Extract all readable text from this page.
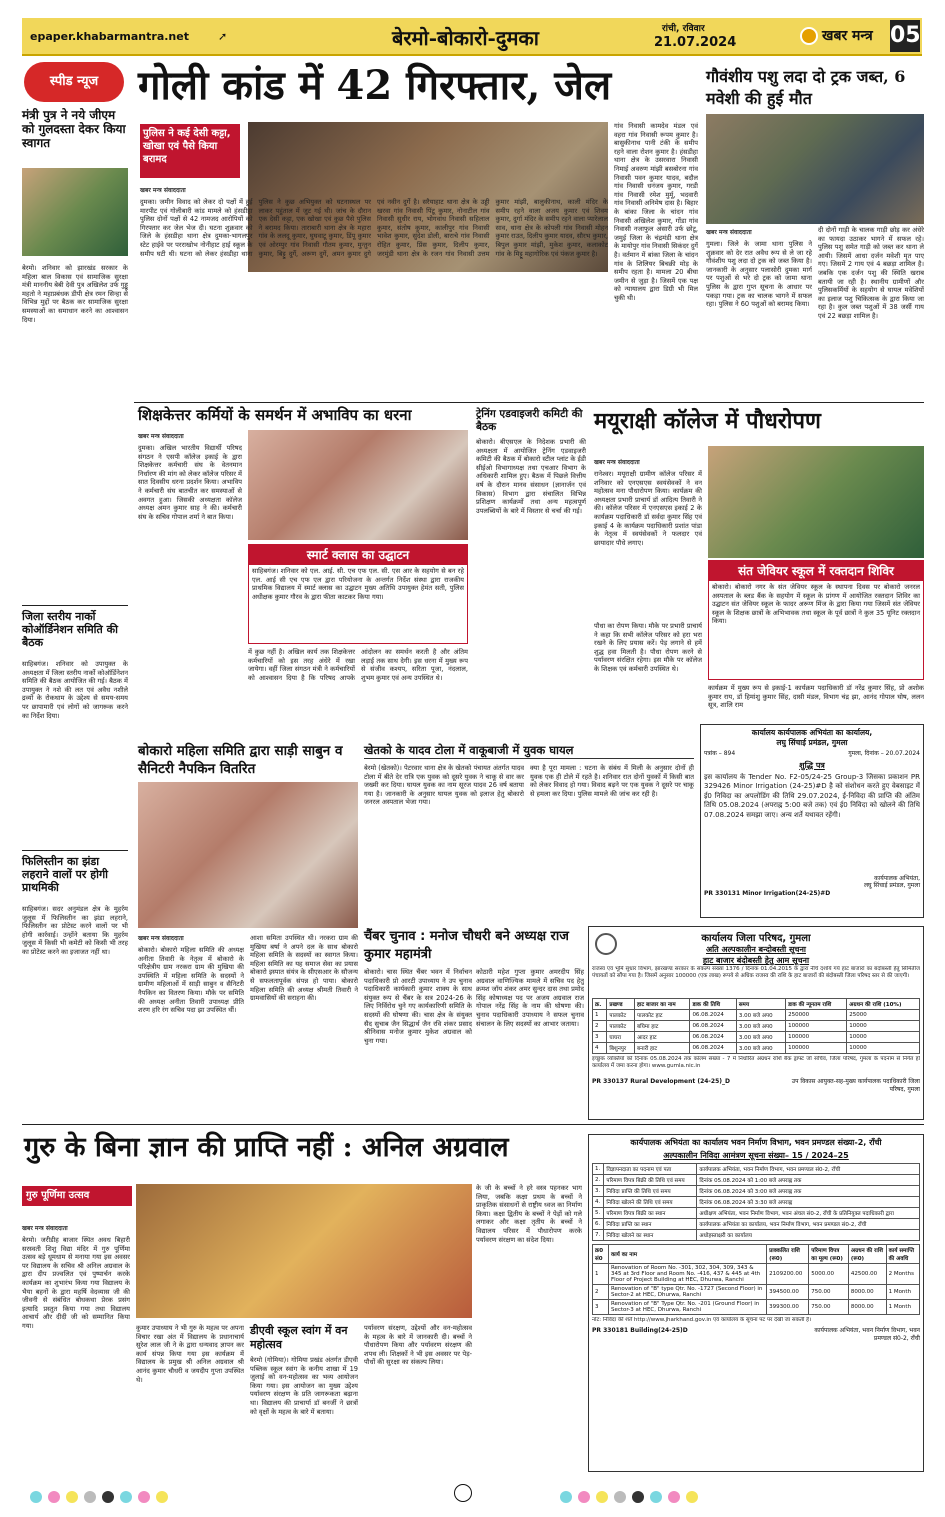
epaper.khabarmantra.net	➚	बेरमो-बोकारो-दुमका	रांची, रविवार
21.07.2024	खबर मन्त्र 05
स्पीड न्यूज
मंत्री पुत्र ने नये जीएम को गुलदस्ता देकर किया स्वागत
बेरमो। शनिवार को झारखंड सरकार के महिला बाल विकास एवं सामाजिक सुरक्षा मंत्री माननीय बेबी देवी पुत्र अखिलेश उर्फ गुड्डू महतो ने महाप्रबंधक डीपी क्षेत्र रमन सिन्हा से विभिन्न मुद्दों पर बैठक कर सामाजिक सुरक्षा समस्याओं का समाधान करने का आश्वासन दिया।
जिला स्तरीय नार्को कोऑर्डिनेशन समिति की बैठक
साहिबगंज। शनिवार को उपायुक्त के अध्यक्षता में जिला स्तरीय नार्को कोऑर्डिनेशन समिति की बैठक आयोजित की गई। बैठक में उपायुक्त ने नशे की लत एवं अवैध नशीले द्रव्यों के रोकथाम के उद्देश्य से समय-समय पर छापामारी एवं लोगों को जागरूक करने का निर्देश दिया।
फिलिस्तीन का झंडा लहराने वालों पर होगी प्राथमिकी
साहिबगंज। सदर अनुमंडल क्षेत्र के मुहर्रम जुलूस में फिलिस्तीन का झंडा लहराने, फिलिस्तीन का प्रोटेस्ट करने वालों पर भी होगी कार्रवाई। उन्होंने बताया कि मुहर्रम जुलूस में किसी भी कमेटी को किसी भी तरह का प्रोटेस्ट करने का इजाजत नहीं था।
गोली कांड में 42 गिरफ्तार, जेल
पुलिस ने कई देसी कट्टा, खोखा एवं पैसे किया बरामद
खबर मन्त्र संवाददाता
दुमका। जमीन विवाद को लेकर दो पक्षों में हुई मारपीट एवं गोलीबारी कांड मामले को हंसडीहा पुलिस दोनों पक्षों से 42 नामजद आरोपियों को गिरफ्तार कर जेल भेज दी। घटना शुक्रवार को जिले के हंसडीहा थाना क्षेत्र दुमका-भागलपुर स्टेट हाईवे पर परराखोभ नोनीहाट हाई स्कूल के समीप घटी थी। घटना को लेकर हंसडीहा थाना पुलिस ने कुछ अभियुक्त को घटनास्थल पर लाकर पहुंताल में जुट गई थी। जांच के दौरान एक देसी कट्टा, एक खोखा एवं कुछ पैसे पुलिस ने बरामद किया। ताराबारी थाना क्षेत्र के महारा गांव के ललदू कुमार, घुघवाटू कुमार, डिंपू कुमार एवं ओरम्पुर गांव निवासी गौतम कुमार, मुन्तुन कुमार, बिट्टु दुर्गे, अरूण दुगें, अमन कुमार दुगे एवं नवीन दुर्गे है। सरैयाहाट थाना क्षेत्र के उड्डी खरवा गांव निवासी पिंटू कुमार, नोनाटील गांव निवासी सुधीर राय, भोगवांध निवासी सहिलाल कुमार, संतोष कुमार, कालीपुर गांव निवासी भावेश कुमार, सुंदेश डोली, बाराचे गांव निवासी रोहित कुमार, प्रिंस कुमार, दिलीप कुमार, जरमुंडी थाना क्षेत्र के रजन गांव निवासी उत्तम कुमार मांझी, बालुकीनाथ, काली मंदिर के समीप रहने वाला अजय कुमार एवं शिवम कुमार, दुर्गा मंदिर के समीप रहने वाला प्यारेलाल साव, थाना क्षेत्र के कोपली गांव निवासी मोहन कुमार राउत, दिलीप कुमार यादव, सौरभ कुमार, बिपुल कुमार मांझी, मुकेश कुमार, कलाकोट गांव के मिट्टू महागोरिक एवं पंकज कुमार है।
गांव निवासी कामदेव मंडल एवं वहरा गांव निवासी रूपम कुमार है। बासुकीनाथ पानी टंकी के समीप रहने वाला रोशन कुमार है। हंसडीहा थाना क्षेत्र के उसरवारा निवासी निमाई अवरुण मांझी बसबोरना गांव निवासी पवन कुमार यादव, बदौल गांव निवासी धनंजय कुमार, गरडी गांव निवासी रमेश मुर्मू, भदवारी गांव निवासी अनिमेष दास है। बिहार के बांका जिला के चांदन गांव निवासी अखिलेश कुमार, गोंडा गांव निवासी नजाफुल अंसारी उर्फ छोटू, जमुई जिला के चंद्रमंडी थाना क्षेत्र के मायोपुर गांव निवासी सिकंदर दुर्गे है। वर्तमान में बांका जिला के चांदन गांव के शिलियर बिचक्री मोड़ के समीप रहता है। मामला 20 बीघा जमीन से जुड़ा है। जिसमें एक पक्ष को न्यायालय द्वारा डिग्री भी मिल चुकी थी।
गौवंशीय पशु लदा दो ट्रक जब्त, 6 मवेशी की हुई मौत
खबर मन्त्र संवाददाता
गुमला। जिले के जामा थाना पुलिस ने शुक्रवार को देर रात अवैध रूप से ले जा रहे गौवंशीय पशु लदा दो ट्रक को जब्त किया है। जानकारी के अनुसार पलासोरी दुमका मार्ग पर पशुओं से भरे दो ट्रक को जामा थाना पुलिस के द्वारा गुप्त सूचना के आधार पर पकड़ा गया। ट्रक का चालक भागने में सफल रहा। पुलिस ने 60 पशुओं को बरामद किया।
दी दोनों गाड़ी के चालक गाड़ी छोड़ कर अंधेरे का फायदा उठाकर भागने में सफल रहे। पुलिस पशु समेत गाड़ी को जब्त कर थाना ले आयी। जिसमें आधा दर्जन मवेशी मृत पाए गए। जिसमें 2 गाय एवं 4 बछड़ा शामिल है। जबकि एक दर्जन पशु की स्थिति खराब बतायी जा रही है। स्थानीय ग्रामीणों और पुलिसकर्मियों के सहयोग से घायल मवेशियों का इलाज पशु चिकित्सक के द्वारा किया जा रहा है। कुल जब्त पशुओं में 38 जर्सी गाय एवं 22 बछड़ा शामिल है।
शिक्षकेत्तर कर्मियों के समर्थन में अभाविप का धरना
खबर मन्त्र संवाददाता
दुमका। अखिल भारतीय विद्यार्थी परिषद संगठन ने एसपी कॉलेज इकाई के द्वारा शिक्षकेत्तर कर्मचारी संघ के वेतनमान निर्धारण की मांग को लेकर कॉलेज परिसर में सात दिवसीय धरना प्रदर्शन किया। अभाविप ने कर्मचारी संघ बातचीत कर समस्याओं से अवगत हुआ। जिसकी अध्यक्षता कॉलेज अध्यक्ष अमन कुमार साह ने की। कर्मचारी संघ के सचिव गोपाल शर्मा ने बात किया।
स्मार्ट क्लास का उद्घाटन
साहिबगंज। शनिवार को एल. आई. सी. एच एफ एल. सी. एस आर के सहयोग से बन रहे एल. आई सी एच एफ एल द्वारा परियोजना के अन्तर्गत निर्देश संस्था द्वारा राजकीय प्राथमिक विद्यालय में स्मार्ट क्लास का उद्घाटन मुख्य अतिथि उपायुक्त हेमंत सती, पुलिस अधीक्षक कुमार गौरव के द्वारा फीता काटकर किया गया।
में कुछ नहीं है। अखिल कार्य तक शिक्षकेत्तर कर्मचारियों को इस तरह अंधेरे में रखा जायेगा। वहीं जिला संगठन मंत्री ने कर्मचारियों को आश्वासन दिया है कि परिषद आपके आंदोलन का समर्थन करती है और अंतिम लड़ाई तक साथ देगी। इस धरना में मुख्य रूप से संजीव कश्यप, सरिता पूजा, नंदलाल, शुभम कुमार एवं अन्य उपस्थित थे।
ट्रेनिंग एडवाइजरी कमिटी की बैठक
बोकारो। बीएसएल के निदेशक प्रभारी की अध्यक्षता में आयोजित ट्रेनिंग एडवाइजरी कमिटी की बैठक में बोकारो स्टील प्लांट के ईडी सीईओ विभागाध्यक्ष तथा एचआर विभाग के अधिकारी शामिल हुए। बैठक में पिछले वित्तीय वर्ष के दौरान मानव संसाधन (ज्ञानार्जन एवं विकास) विभाग द्वारा संचालित विभिन्न प्रशिक्षण कार्यक्रमों तथा अन्य महत्वपूर्ण उपलब्धियों के बारे में विस्तार से चर्चा की गई।
मयूराक्षी कॉलेज में पौधरोपण
खबर मन्त्र संवाददाता
रानेश्वर। मयूराक्षी ग्रामीण कॉलेज परिसर में शनिवार को एनएसएस स्वयंसेवकों ने वन महोत्सव मना पौधारोपण किया। कार्यक्रम की अध्यक्षता प्रभारी प्राचार्य डॉ आदित्य तिवारी ने की। कॉलेज परिसर में एनएसएस इकाई 2 के कार्यक्रम पदाधिकारी डॉ सर्वदा कुमार सिंह एवं इकाई 4 के कार्यक्रम पदाधिकारी प्रशांत पांडा के नेतृत्व में स्वयंसेवकों ने फलदार एवं छायादार पौधे लगाए।
संत जेवियर स्कूल में रक्तदान शिविर
बोकारो। बोकारो नगर के संत जेवियर स्कूल के स्थापना दिवस पर बोकारो जनरल अस्पताल के ब्लड बैंक के सहयोग में स्कूल के प्रांगण में आयोजित रक्तदान शिविर का उद्घाटन संत जेवियर स्कूल के फादर अरूण मिंज के द्वारा किया गया जिसमें संत जेवियर स्कूल के शिक्षक छात्रों के अभिभावक तथा स्कूल के पूर्व छात्रों ने कुल 35 यूनिट रक्तदान किया।
पौधा का रोपण किया। मौके पर प्रभारी प्राचार्य ने कहा कि सभी कॉलेज परिसर को हरा भरा रखने के लिए प्रयास करें। पेड़ लगाने से हमें शुद्ध हवा मिलती है। पौधा रोपण करने से पर्यावरण संरक्षित रहेगा। इस मौके पर कॉलेज के शिक्षक एवं कर्मचारी उपस्थित थे।
कार्यक्रम में मुख्य रूप से इकाई-1 कार्यक्रम पदाधिकारी डॉ नरेंद्र कुमार सिंह, प्रो अशोक कुमार राय, डॉ हिमांशु कुमार सिंह, दासी मंडल, विभाग चंद्र झा, आनंद गोपाल घोष, ललन सूत्र, शालि राम
बोकारो महिला समिति द्वारा साड़ी साबुन व सैनिटरी नैपकिन वितरित
खबर मन्त्र संवाददाता
बोकारो। बोकारो महिला समिति की अध्यक्ष अनीता तिवारी के नेतृत्व में बोकारो के परिक्षेत्रीय ग्राम नरकरा ग्राम की मुखिया की उपस्थिति में महिला समिति के सदस्यों ने ग्रामीण महिलाओं में साड़ी साबुन व सैनिटरी नैपकिन का वितरण किया। मौके पर समिति की अध्यक्ष अनीता तिवारी उपाध्यक्ष प्रीति शरण हरि रंग सचिव पदा झा उपस्थित थीं।
आशा समिता उपस्थित थी। नरकरा ग्राम की मुखिया बर्षा ने अपने दल के साथ बोकारो महिला समिति के सदस्यों का स्वागत किया। महिला समिति का यह समाज सेवा का प्रयास बोकारो इस्पात संयंत्र के सीएसआर के सौजन्य से सफलतापूर्वक संपन्न हो पाया। बोकारो महिला समिति की अध्यक्ष श्रीमती तिवारी ने ग्रामवासियों की सराहना की।
खेतको के यादव टोला में वाकूबाजी में युवक घायल
बेरमो (खेतको)। पेटरवार थाना क्षेत्र के खेतको पंचायत अंतर्गत यादव टोला में बीते देर रात्रि एक युवक को दूसरे युवक ने चाकू से वार कर जख्मी कर दिया। घायल युवक का नाम सूरज यादव 26 वर्ष बताया गया है। जानकारी के अनुसार घायल युवक को इलाज हेतु बोकारो जनरल अस्पताल भेजा गया।
क्या है पूरा मामला : घटना के संबंध में मिली के अनुसार दोनों ही युवक एक ही टोले में रहते है। शनिवार रात दोनों युवकों में किसी बात को लेकर विवाद हो गया। विवाद बढ़ने पर एक युवक ने दूसरे पर चाकू से हमला कर दिया। पुलिस मामले की जांच कर रही है।
कार्यालय कार्यपालक अभियंता का कार्यालय,
लघु सिंचाई प्रमंडल, गुमला
पत्रांक – 894	गुमला, दिनांक – 20.07.2024
शुद्धि पत्र
इस कार्यालय के Tender No. F2-05/24-25 Group-3 जिसका प्रकाशन PR 329426 Minor Irrigation (24-25)#D है को संशोधन करते हुए वेबसाइट में ई0 निविदा का अपलोडिंग की तिथि 29.07.2024, ई-निविदा की प्राप्ति की अंतिम तिथि 05.08.2024 (अपराह्न 5:00 बजे तक) एवं ई0 निविदा को खोलने की तिथि 07.08.2024 समझा जाए। अन्य शर्ते यथावत रहेंगी।
कार्यपालक अभियंता,
लघु सिंचाई प्रमंडल, गुमला
PR 330131 Minor Irrigation(24-25)#D
चैंबर चुनाव : मनोज चौधरी बने अध्यक्ष राज कुमार महामंत्री
बोकारो। चास स्थित चैंबर भवन में निर्वाचन पदाधिकारी प्रो आरटी उपाध्याय ने उप चुनाव पदाधिकारी कार्यकारी कुमार शाक्य के साथ संयुक्त रूप से चैंबर के सत्र 2024-26 के लिए निर्विरोध चुने गए कार्यकारिणी समिति के सदस्यों की घोषणा की। चास क्षेत्र के संयुक्त सैद सुचाब जैन सिद्धार्थ जैन रवि शंकर प्रसाद श्रीनिवास मनोज कुमार मुकेश अग्रवाल को चुना गया।
कोठारी महेश गुप्ता कुमार अमरदीप सिंह अग्रवाल वाणिज्यिक मामले में सचिव पद हेतु क्रमश जॉय शंकर अमर सुन्दर दास तथा प्रमोद सिंह कोषाध्यक्ष पद पर अजय अग्रवाल राज गोपाल नरेंद्र सिंह के नाम की घोषणा की। चुनाव पदाधिकारी उपाध्याय ने सफल चुनाव संचालन के लिए सदस्यों का आभार जताया।
कार्यालय जिला परिषद, गुमला
अति अल्पकालीन बन्दोबस्ती सूचना
हाट बाजार बंदोबस्ती हेतु आम सूचना
राजस्व एवं भूमि सुधार विभाग, झारखण्ड सरकार के संकल्प संख्या 1376 / दिनांक 01.04.2015 के द्वारा नीचे दर्शाये गये हाट बाजारों का बंदोबस्ती हेतु सिमितीज पंचायतों को सौंपा गया है। जिसमें अनुसार 100000 (एक लाख) रूपये से अधिक राजस्व की राशि के हाट बाजारों की बंदोबस्ती जिला परिषद स्तर से की जाएगी।
क्र.	प्रखण्ड	हाट बाजार का नाम	डाक की तिथि	समय	डाक की न्यूनतम राशि	अग्रधन की राशि (10%)
1	पालकोट	पालकोट हाट	06.08.2024	3.00 बजे अप0	250000	25000
2	पालकोट	बघिमा हाट	06.08.2024	3.00 बजे अप0	100000	10000
3	घाघरा	आदर हाट	06.08.2024	3.00 बजे अप0	100000	10000
4	बिशुनपुर	बनारी हाट	06.08.2024	3.00 बजे अप0	100000	10000
इच्छुक व्यक्तियों को दिनांक 05.08.2024 तक कॉलम संख्या - 7 में निर्धारित अग्रधन राशि बैंक ड्राफ्ट जो सचिव, जिला परिषद, गुमला के पदनाम से निर्गत हो कार्यालय में जमा करना होगा। www.gumla.nic.in
PR 330137 Rural Development (24-25)_D	उप विकास आयुक्त-सह-मुख्य कार्यपालक पदाधिकारी जिला परिषद, गुमला
गुरु के बिना ज्ञान की प्राप्ति नहीं : अनिल अग्रवाल
गुरु पूर्णिमा उत्सव
खबर मन्त्र संवाददाता
बेरमो। जरीडीह बाजार स्थित अवध बिहारी सरस्वती शिशु विद्या मंदिर में गुरु पूर्णिमा उत्सव बड़े धूमधाम से मनाया गया इस अवसर पर विद्यालय के सचिव श्री अनिल अग्रवाल के द्वारा दीप प्रज्वलित एवं पुष्पार्चन करके कार्यक्रम का शुभारंभ किया गया विद्यालय के भैया बहनों के द्वारा महर्षि वेदव्यास जी की जीवनी से संबंधित बोधकथा प्रेरक प्रसंग इत्यादि प्रस्तुत किया गया तथा विद्यालय आचार्य और दीदी जी को सम्मानित किया गया।	कुमार उपाध्याय ने भी गुरु के महत्व पर अपना विचार रखा अंत में विद्यालय के प्रधानाचार्य सुरेश लाल जी ने के द्वारा धन्यवाद ज्ञापन कर कार्य संपन्न किया गया इस कार्यक्रम में विद्यालय के प्रमुख श्री अनिल अग्रवाल श्री आनंद कुमार चौधरी व जयदीप गुप्ता उपस्थित थे।
के जी के बच्चों ने हरे वस्त्र पहनकर भाग लिया, जबकि कक्षा प्रथम के बच्चों ने प्राकृतिक संसाधनों से राष्ट्रीय ध्वज का निर्माण किया। कक्षा द्वितीय के बच्चों ने पेड़ों को गले लगाकर और कक्षा तृतीय के बच्चों ने विद्यालय परिसर में पौधारोपण करके पर्यावरण संरक्षण का संदेश दिया।
डीएवी स्कूल स्वांग में वन महोत्सव
बेरमो (गोमिया)। गोमिया प्रखंड अंतर्गत डीएवी पब्लिक स्कूल स्वांग के कनीय शाखा में 19 जुलाई को वन-महोत्सव का भव्य आयोजन किया गया। इस आयोजन का मुख्य उद्देश्य पर्यावरण संरक्षण के प्रति जागरूकता बढ़ाना था। विद्यालय की प्राचार्या डॉ बनर्जी ने छात्रों को वृक्षों के महत्व के बारे में बताया।
पर्यावरण संरक्षण, उद्देश्यों और वन-महोत्सव के महत्व के बारे में जानकारी दी। बच्चों ने पौधारोपण किया और पर्यावरण संरक्षण की शपथ ली। शिक्षकों ने भी इस अवसर पर पेड़-पौधों की सुरक्षा का संकल्प लिया।
कार्यपालक अभियंता का कार्यालय भवन निर्माण विभाग, भवन प्रमण्डल संख्या-2, राँची
अल्पकालीन निविदा आमंत्रण सूचना संख्या– 15 / 2024–25
1.	विज्ञापनदाता का पदनाम एवं पता	कार्यपालक अभियंता, भवन निर्माण विभाग, भवन प्रमण्डल सं0-2, राँची
2.	परिमाण विपत्र बिक्री की तिथि एवं समय	दिनांक 05.08.2024 को 1:00 बजे अपराह्न तक
3.	निविदा प्राप्ति की तिथि एवं समय	दिनांक 06.08.2024 को 3:00 बजे अपराह्न तक
4.	निविदा खोलने की तिथि एवं समय	दिनांक 06.08.2024 को 3:30 बजे अपराह्न
5.	परिमाण विपत्र बिक्री का स्थान	अधीक्षण अभियंता, भवन निर्माण विभाग, भवन अंचल सं0-2, राँची के प्रतिनियुक्त पदाधिकारी द्वारा
6.	निविदा प्राप्ति का स्थान	कार्यपालक अभियंता का कार्यालय, भवन निर्माण विभाग, भवन प्रमण्डल सं0-2, राँची
7.	निविदा खोलने का स्थान	अधोहस्ताक्षरी का कार्यालय
क्र0 सं0	कार्य का नाम	प्राक्कलित राशि (रू0)	परिमाण विपत्र का मूल्य (रू0)	अग्रधन की राशि (रू0)	कार्य समाप्ति की अवधि
1	Renovation of Room No. -301, 302, 304, 309, 343 & 345 at 3rd Floor and Room No. -416, 437 & 445 at 4th Floor of Project Building at HEC, Dhurwa, Ranchi	2109200.00	5000.00	42500.00	2 Months
2	Renovation of "B" type Qtr. No. -1727 (Second Floor) in Sector-2 at HEC, Dhurwa, Ranchi	394500.00	750.00	8000.00	1 Month
3	Renovation of "B" Type Qtr. No. -201 (Ground Floor) in Sector-3 at HEC, Dhurwa, Ranchi	399300.00	750.00	8000.00	1 Month
नोट: निविदा की शर्तें http://www.jharkhand.gov.in एवं कार्यालय के सूचना पट पर देखी जा सकती है।
PR 330181 Building(24-25)D	कार्यपालक अभियंता, भवन निर्माण विभाग, भवन प्रमण्डल सं0-2, राँची
